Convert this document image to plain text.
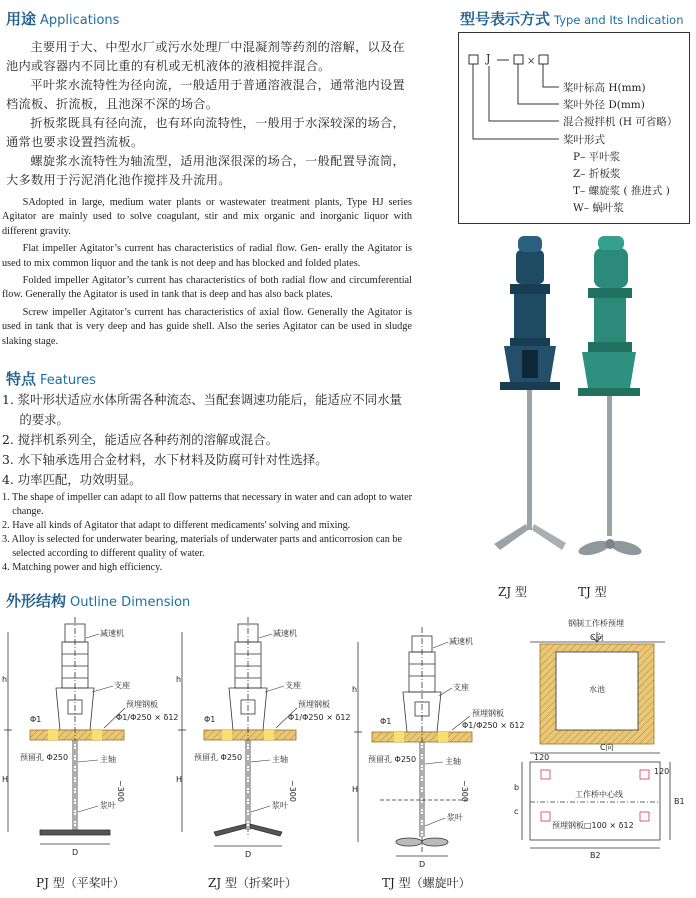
用途 Applications

主要用于大、中型水厂或污水处理厂中混凝剂等药剂的溶解，以及在池内或容器内不同比重的有机或无机液体的液相搅拌混合。

平叶浆水流特性为径向流，一般适用于普通溶液混合，通常池内设置档流板、折流板，且池深不深的场合。

折板浆既具有径向流，也有环向流特性，一般用于水深较深的场合，通常也要求设置挡流板。

螺旋浆水流特性为轴流型，适用池深很深的场合，一般配置导流筒，大多数用于污泥消化池作搅拌及升流用。

SAdopted in large, medium water plants or wastewater treatment plants, Type HJ series Agitator are mainly used to solve coagulant, stir and mix organic and inorganic liquor with different gravity.

Flat impeller Agitator’s current has characteristics of radial flow. Gen- erally the Agitator is used to mix common liquor and the tank is not deep and has blocked and folded plates.

Folded impeller Agitator’s current has characteristics of both radial flow and circumferential flow. Generally the Agitator is used in tank that is deep and has also back plates.

Screw impeller Agitator’s current has characteristics of axial flow. Generally the Agitator is used in tank that is very deep and has guide shell. Also the series Agitator can be used in sludge slaking stage.

型号表示方式 Type and Its Indication
×
J
桨叶标高 H(mm)
桨叶外径 D(mm)
混合搅拌机 (H 可省略）
桨叶形式
P– 平叶浆
Z– 折板浆
T– 螺旋浆 ( 推进式 )
W– 蜗叶浆
ZJ 型	TJ 型
特点 Features

1. 浆叶形状适应水体所需各种流态、当配套调速功能后，能适应不同水量的要求。

2. 搅拌机系列全，能适应各种药剂的溶解或混合。

3. 水下轴承选用合金材料，水下材料及防腐可针对性选择。

4. 功率匹配，功效明显。

1. The shape of impeller can adapt to all flow patterns that necessary in water and can adopt to water change.

2. Have all kinds of Agitator that adapt to different medicaments' solving and mixing.

3. Alloy is selected for underwater bearing, materials of underwater parts and anticorrosion can be selected according to different quality of water.

4. Matching power and high efficiency.

外形结构 Outline Dimension
减速机
支座
预埋钢板
Φ1/Φ250 × δ12
Φ1
预留孔 Φ250	主轴
浆叶
h
H
D
~300
减速机
支座
预埋钢板
Φ1/Φ250 × δ12
Φ1
预留孔 Φ250	主轴
浆叶
h
H
D
~300
减速机
支座
预埋钢板
Φ1/Φ250 × δ12
Φ1
预留孔 Φ250	主轴
浆叶
h
H
D
~300
钢制工作桥预埋
C向
水池
C向
120
120
工作桥中心线
预埋钢板□100 × δ12
b
c
B1
B2
PJ 型（平桨叶）	ZJ 型（折桨叶）	TJ 型（螺旋叶）
